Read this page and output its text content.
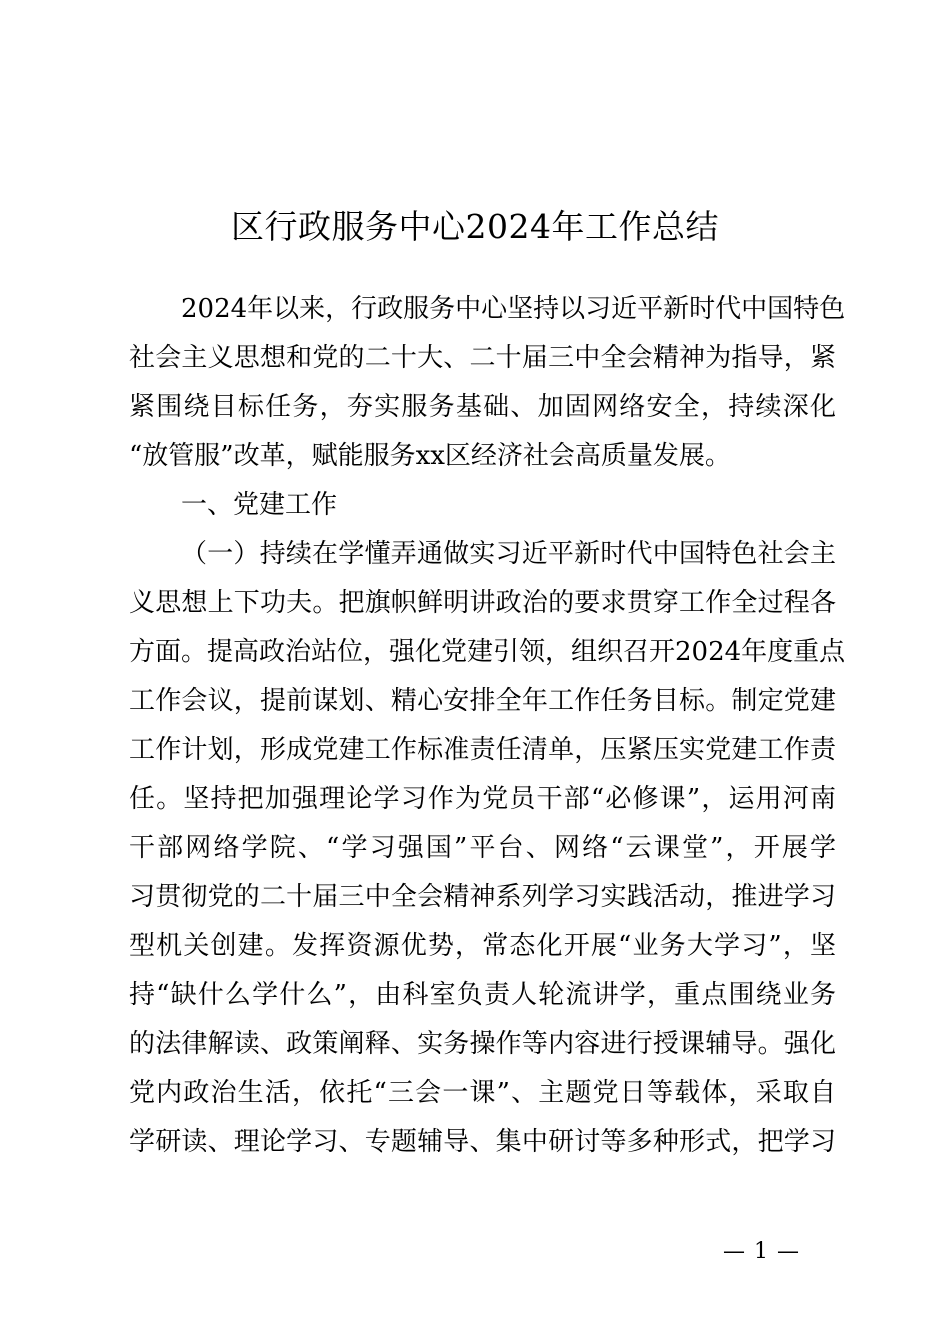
区行政服务中心2024年工作总结
2024年以来，行政服务中心坚持以习近平新时代中国特色
社会主义思想和党的二十大、二十届三中全会精神为指导，紧
紧围绕目标任务，夯实服务基础、加固网络安全，持续深化
“放管服”改革，赋能服务xx区经济社会高质量发展。
一、党建工作
（一）持续在学懂弄通做实习近平新时代中国特色社会主
义思想上下功夫。把旗帜鲜明讲政治的要求贯穿工作全过程各
方面。提高政治站位，强化党建引领，组织召开2024年度重点
工作会议，提前谋划、精心安排全年工作任务目标。制定党建
工作计划，形成党建工作标准责任清单，压紧压实党建工作责
任。坚持把加强理论学习作为党员干部“必修课”，运用河南
干部网络学院、“学习强国”平台、网络“云课堂”，开展学
习贯彻党的二十届三中全会精神系列学习实践活动，推进学习
型机关创建。发挥资源优势，常态化开展“业务大学习”，坚
持“缺什么学什么”，由科室负责人轮流讲学，重点围绕业务
的法律解读、政策阐释、实务操作等内容进行授课辅导。强化
党内政治生活，依托“三会一课”、主题党日等载体，采取自
学研读、理论学习、专题辅导、集中研讨等多种形式，把学习
— 1 —
